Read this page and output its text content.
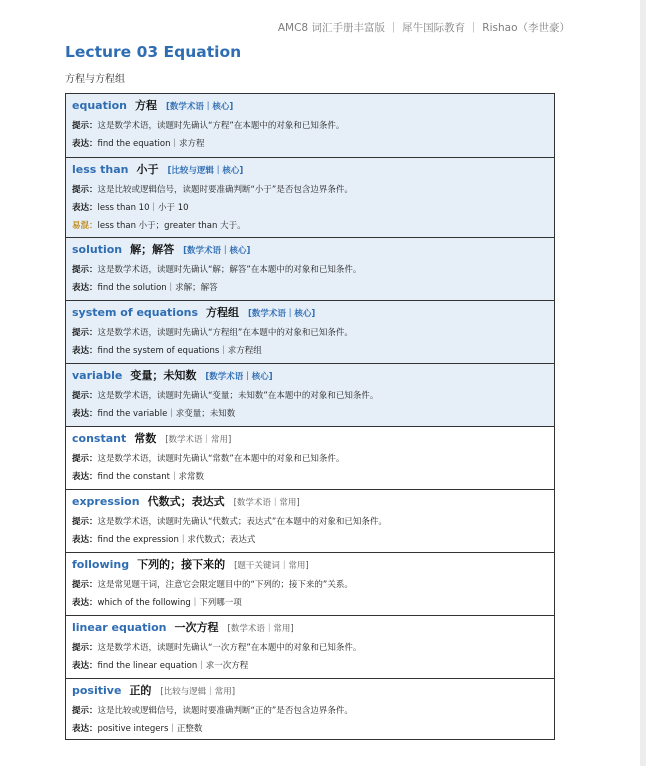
AMC8 词汇手册丰富版 ｜ 犀牛国际教育 ｜ Rishao（李世豪）
Lecture 03 Equation
方程与方程组
equation 方程 [数学术语｜核心]
提示：这是数学术语，读题时先确认“方程”在本题中的对象和已知条件。
表达：find the equation｜求方程
less than 小于 [比较与逻辑｜核心]
提示：这是比较或逻辑信号，读题时要准确判断“小于”是否包含边界条件。
表达：less than 10｜小于 10
易混：less than 小于；greater than 大于。
solution 解；解答 [数学术语｜核心]
提示：这是数学术语，读题时先确认“解；解答”在本题中的对象和已知条件。
表达：find the solution｜求解；解答
system of equations 方程组 [数学术语｜核心]
提示：这是数学术语，读题时先确认“方程组”在本题中的对象和已知条件。
表达：find the system of equations｜求方程组
variable 变量；未知数 [数学术语｜核心]
提示：这是数学术语，读题时先确认“变量；未知数”在本题中的对象和已知条件。
表达：find the variable｜求变量；未知数
constant 常数 [数学术语｜常用]
提示：这是数学术语，读题时先确认“常数”在本题中的对象和已知条件。
表达：find the constant｜求常数
expression 代数式；表达式 [数学术语｜常用]
提示：这是数学术语，读题时先确认“代数式；表达式”在本题中的对象和已知条件。
表达：find the expression｜求代数式；表达式
following 下列的；接下来的 [题干关键词｜常用]
提示：这是常见题干词，注意它会限定题目中的“下列的；接下来的”关系。
表达：which of the following｜下列哪一项
linear equation 一次方程 [数学术语｜常用]
提示：这是数学术语，读题时先确认“一次方程”在本题中的对象和已知条件。
表达：find the linear equation｜求一次方程
positive 正的 [比较与逻辑｜常用]
提示：这是比较或逻辑信号，读题时要准确判断“正的”是否包含边界条件。
表达：positive integers｜正整数
